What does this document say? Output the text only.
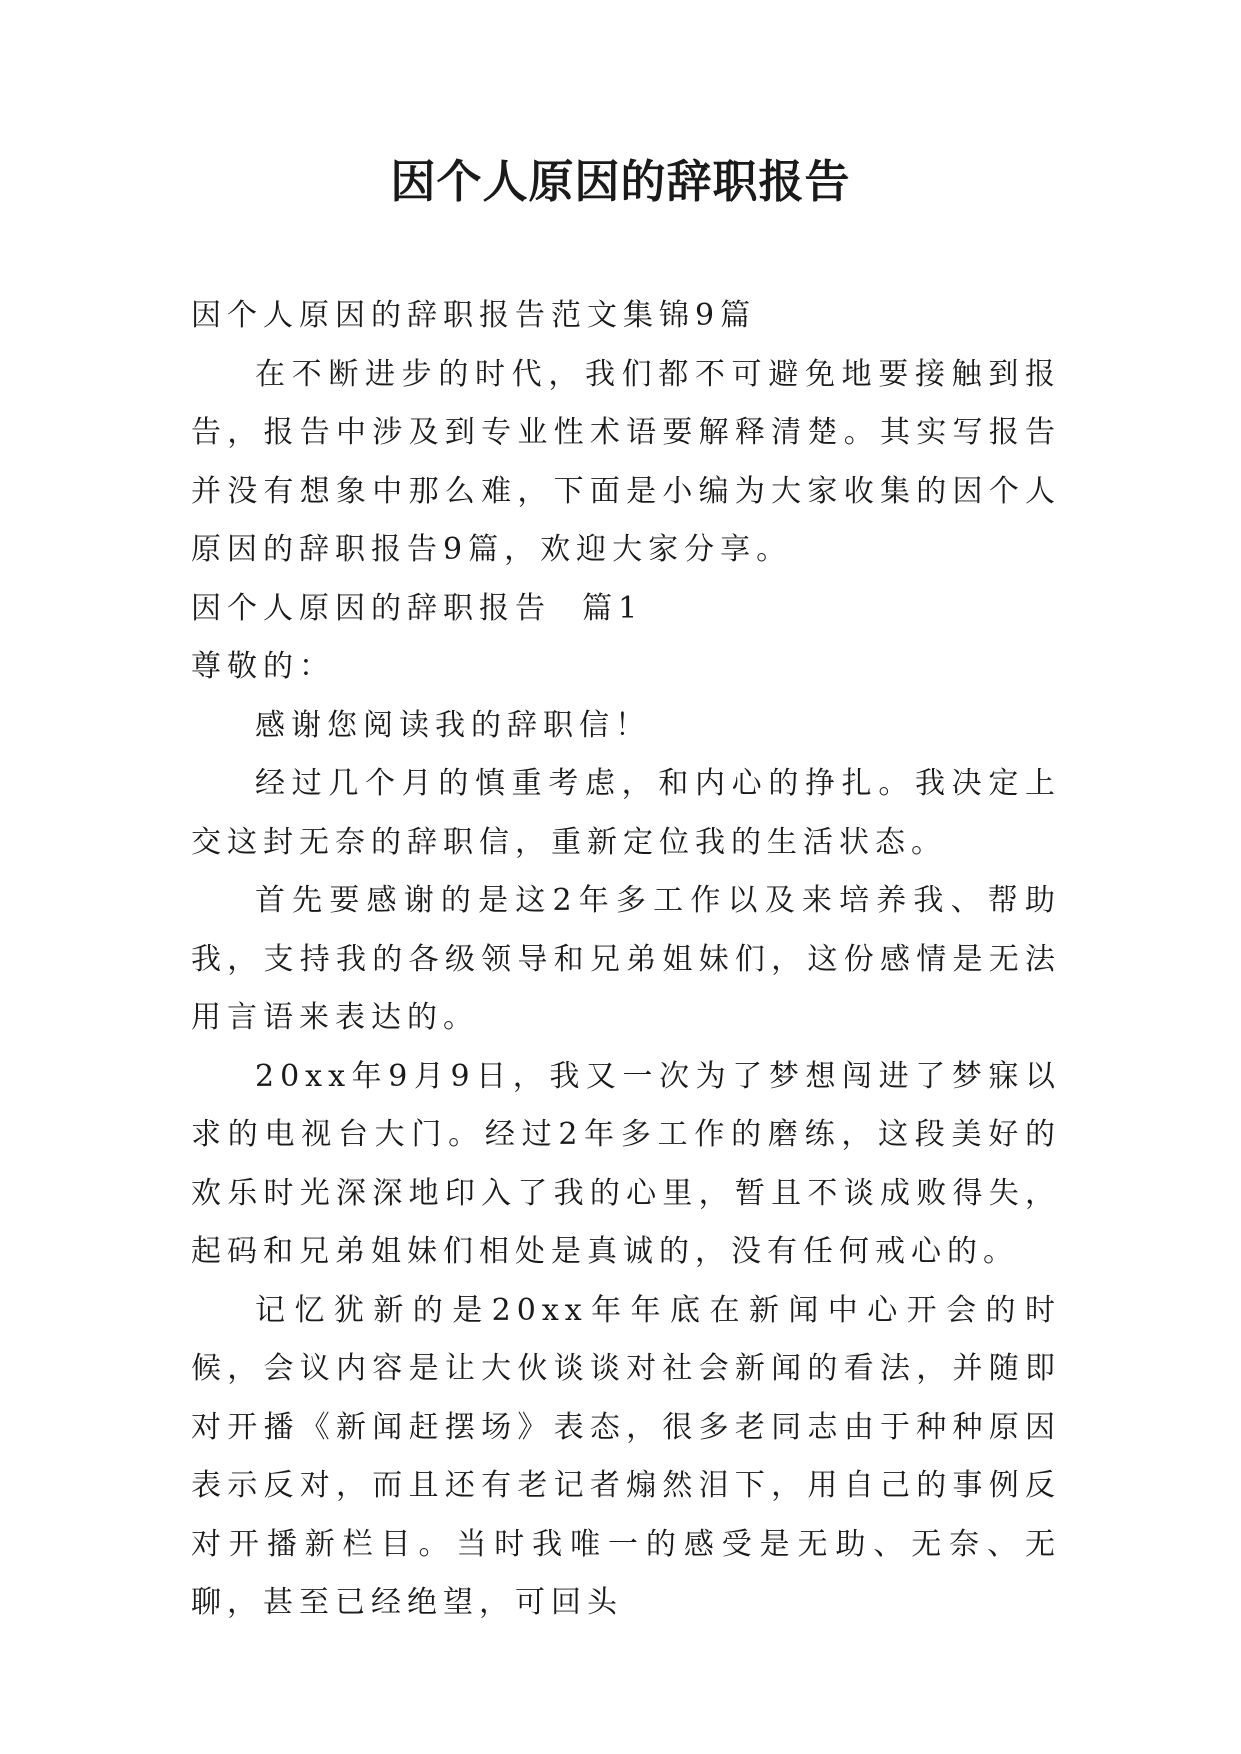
因个人原因的辞职报告

因个人原因的辞职报告范文集锦9篇

在不断进步的时代，我们都不可避免地要接触到报告，报告中涉及到专业性术语要解释清楚。其实写报告并没有想象中那么难，下面是小编为大家收集的因个人原因的辞职报告9篇，欢迎大家分享。

因个人原因的辞职报告  篇1

尊敬的：

感谢您阅读我的辞职信！

经过几个月的慎重考虑，和内心的挣扎。我决定上交这封无奈的辞职信，重新定位我的生活状态。

首先要感谢的是这2年多工作以及来培养我、帮助我，支持我的各级领导和兄弟姐妹们，这份感情是无法用言语来表达的。

20xx年9月9日，我又一次为了梦想闯进了梦寐以求的电视台大门。经过2年多工作的磨练，这段美好的欢乐时光深深地印入了我的心里，暂且不谈成败得失，起码和兄弟姐妹们相处是真诚的，没有任何戒心的。

记忆犹新的是20xx年年底在新闻中心开会的时候，会议内容是让大伙谈谈对社会新闻的看法，并随即对开播《新闻赶摆场》表态，很多老同志由于种种原因表示反对，而且还有老记者煽然泪下，用自己的事例反对开播新栏目。当时我唯一的感受是无助、无奈、无聊，甚至已经绝望，可回头
